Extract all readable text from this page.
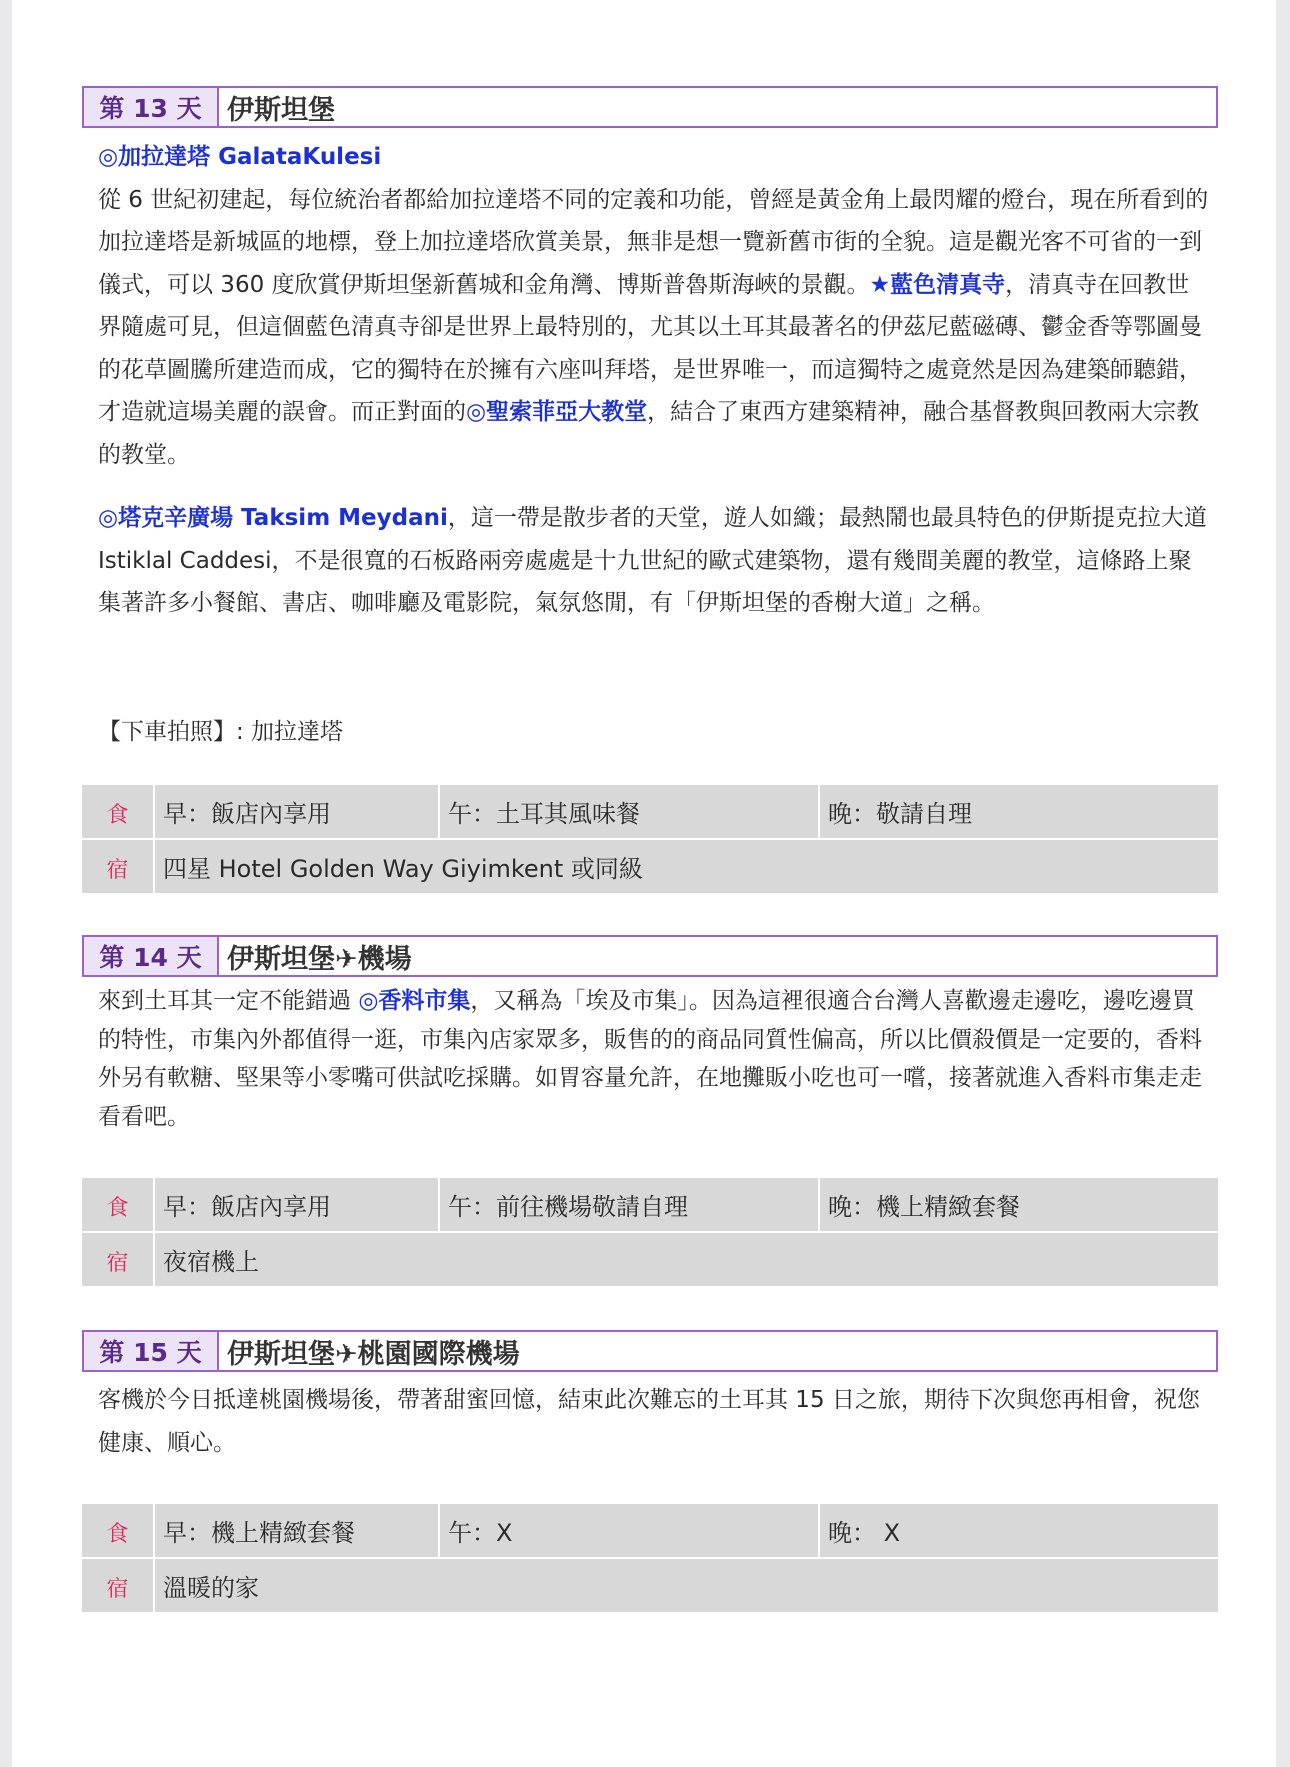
第 13 天 伊斯坦堡

◎加拉達塔 GalataKulesi

從 6 世紀初建起，每位統治者都給加拉達塔不同的定義和功能，曾經是黃金角上最閃耀的燈台，現在所看到的加拉達塔是新城區的地標，登上加拉達塔欣賞美景，無非是想一覽新舊市街的全貌。這是觀光客不可省的一到儀式，可以 360 度欣賞伊斯坦堡新舊城和金角灣、博斯普魯斯海峽的景觀。★藍色清真寺，清真寺在回教世界隨處可見，但這個藍色清真寺卻是世界上最特別的，尤其以土耳其最著名的伊茲尼藍磁磚、鬱金香等鄂圖曼的花草圖騰所建造而成，它的獨特在於擁有六座叫拜塔，是世界唯一，而這獨特之處竟然是因為建築師聽錯，才造就這場美麗的誤會。而正對面的◎聖索菲亞大教堂，結合了東西方建築精神，融合基督教與回教兩大宗教的教堂。

◎塔克辛廣場 Taksim Meydani，這一帶是散步者的天堂，遊人如織；最熱鬧也最具特色的伊斯提克拉大道 Istiklal Caddesi，不是很寬的石板路兩旁處處是十九世紀的歐式建築物，還有幾間美麗的教堂，這條路上聚集著許多小餐館、書店、咖啡廳及電影院，氣氛悠閒，有「伊斯坦堡的香榭大道」之稱。

【下車拍照】: 加拉達塔
食	早：飯店內享用	午：土耳其風味餐	晚：敬請自理
宿	四星 Hotel Golden Way Giyimkent 或同級
第 14 天 伊斯坦堡✈機場

來到土耳其一定不能錯過 ◎香料市集，又稱為「埃及市集」。因為這裡很適合台灣人喜歡邊走邊吃，邊吃邊買的特性，市集內外都值得一逛，市集內店家眾多，販售的的商品同質性偏高，所以比價殺價是一定要的，香料外另有軟糖、堅果等小零嘴可供試吃採購。如胃容量允許，在地攤販小吃也可一嚐，接著就進入香料市集走走看看吧。

食	早：飯店內享用	午：前往機場敬請自理	晚：機上精緻套餐
宿	夜宿機上
第 15 天 伊斯坦堡✈桃園國際機場

客機於今日抵達桃園機場後，帶著甜蜜回憶，結束此次難忘的土耳其 15 日之旅，期待下次與您再相會，祝您健康、順心。

食	早：機上精緻套餐	午：X	晚： X
宿	溫暖的家
